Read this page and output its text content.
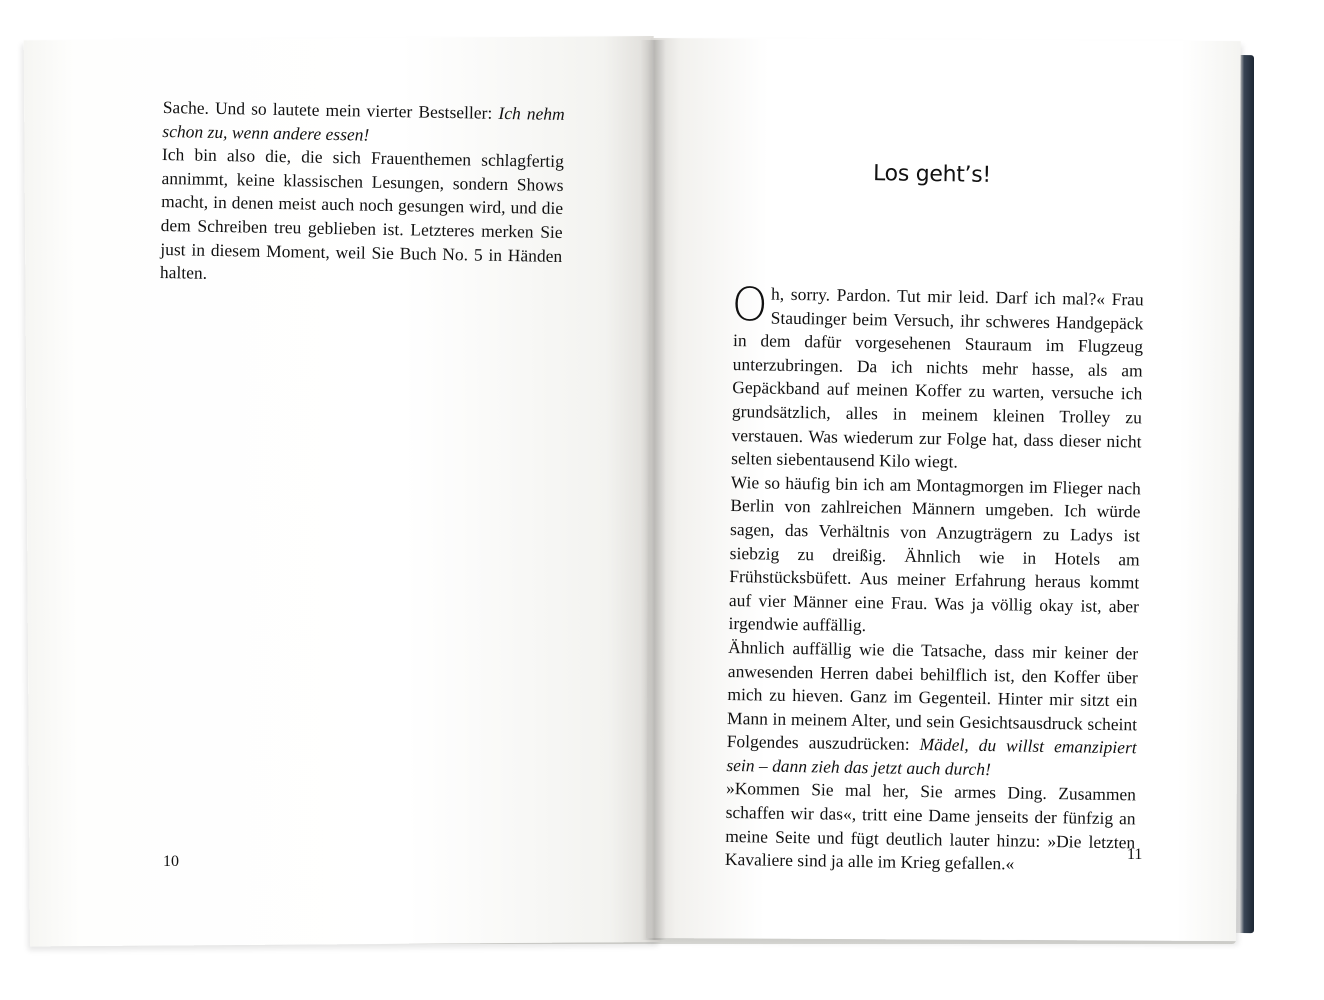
Sache. Und so lautete mein vierter Bestseller: Ich nehm schon zu, wenn andere essen!

Ich bin also die, die sich Frauenthemen schlagfertig annimmt, keine klassischen Lesungen, sondern Shows macht, in denen meist auch noch gesungen wird, und die dem Schreiben treu geblieben ist. Letzteres merken Sie just in diesem Moment, weil Sie Buch No. 5 in Händen halten.

10
Los geht’s!

Oh, sorry. Pardon. Tut mir leid. Darf ich mal?« Frau Staudinger beim Versuch, ihr schweres Handgepäck in dem dafür vorgesehenen Stauraum im Flugzeug unterzubringen. Da ich nichts mehr hasse, als am Gepäckband auf meinen Koffer zu warten, versuche ich grundsätzlich, alles in meinem kleinen Trolley zu verstauen. Was wiederum zur Folge hat, dass dieser nicht selten siebentausend Kilo wiegt.

Wie so häufig bin ich am Montagmorgen im Flieger nach Berlin von zahlreichen Männern umgeben. Ich würde sagen, das Verhältnis von Anzugträgern zu Ladys ist siebzig zu dreißig. Ähnlich wie in Hotels am Frühstücksbüfett. Aus meiner Erfahrung heraus kommt auf vier Männer eine Frau. Was ja völlig okay ist, aber irgendwie auffällig.

Ähnlich auffällig wie die Tatsache, dass mir keiner der anwesenden Herren dabei behilflich ist, den Koffer über mich zu hieven. Ganz im Gegenteil. Hinter mir sitzt ein Mann in meinem Alter, und sein Gesichtsausdruck scheint Folgendes auszudrücken: Mädel, du willst emanzipiert sein – dann zieh das jetzt auch durch!

»Kommen Sie mal her, Sie armes Ding. Zusammen schaffen wir das«, tritt eine Dame jenseits der fünfzig an meine Seite und fügt deutlich lauter hinzu: »Die letzten Kavaliere sind ja alle im Krieg gefallen.«	11
